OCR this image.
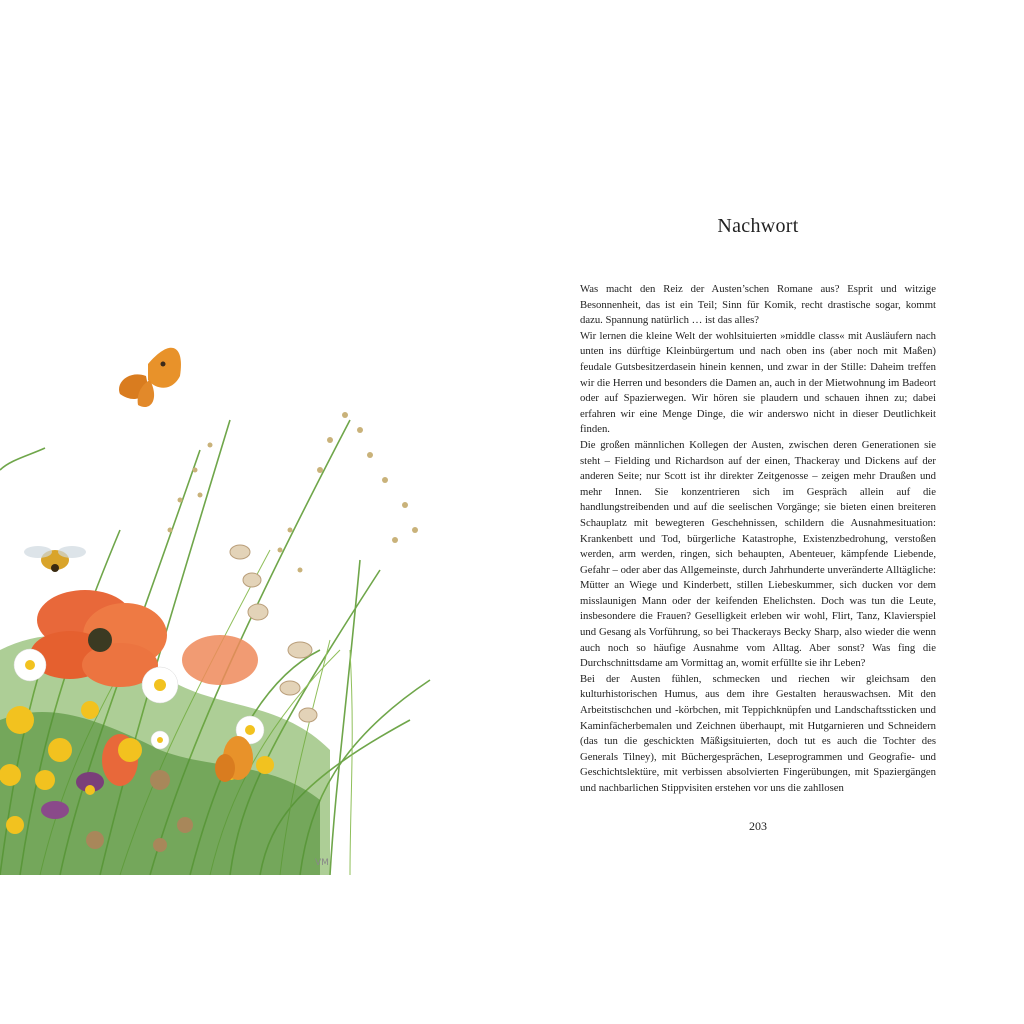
VM
Nachwort

Was macht den Reiz der Austen’schen Romane aus? Esprit und witzige Besonnenheit, das ist ein Teil; Sinn für Komik, recht drastische sogar, kommt dazu. Spannung natürlich … ist das alles?

Wir lernen die kleine Welt der wohlsituierten »middle class« mit Ausläufern nach unten ins dürftige Kleinbürgertum und nach oben ins (aber noch mit Maßen) feudale Gutsbesitzerdasein hinein kennen, und zwar in der Stille: Daheim treffen wir die Herren und besonders die Damen an, auch in der Mietwohnung im Badeort oder auf Spazierwegen. Wir hören sie plaudern und schauen ihnen zu; dabei erfahren wir eine Menge Dinge, die wir anderswo nicht in dieser Deutlichkeit finden.

Die großen männlichen Kollegen der Austen, zwischen deren Generationen sie steht – Fielding und Richardson auf der einen, Thackeray und Dickens auf der anderen Seite; nur Scott ist ihr direkter Zeitgenosse – zeigen mehr Draußen und mehr Innen. Sie konzentrieren sich im Gespräch allein auf die handlungstreibenden und auf die seelischen Vorgänge; sie bieten einen breiteren Schauplatz mit bewegteren Geschehnissen, schildern die Ausnahmesituation: Krankenbett und Tod, bürgerliche Katastrophe, Existenzbedrohung, verstoßen werden, arm werden, ringen, sich behaupten, Abenteuer, kämpfende Liebende, Gefahr – oder aber das Allgemeinste, durch Jahrhunderte unveränderte Alltägliche: Mütter an Wiege und Kinderbett, stillen Liebeskummer, sich ducken vor dem misslaunigen Mann oder der keifenden Ehelichsten. Doch was tun die Leute, insbesondere die Frauen? Geselligkeit erleben wir wohl, Flirt, Tanz, Klavierspiel und Gesang als Vorführung, so bei Thackerays Becky Sharp, also wieder die wenn auch noch so häufige Ausnahme vom Alltag. Aber sonst? Was fing die Durchschnittsdame am Vormittag an, womit erfüllte sie ihr Leben?

Bei der Austen fühlen, schmecken und riechen wir gleichsam den kulturhistorischen Humus, aus dem ihre Gestalten herauswachsen. Mit den Arbeitstischchen und -körbchen, mit Teppichknüpfen und Landschaftssticken und Kaminfächerbemalen und Zeichnen überhaupt, mit Hutgarnieren und Schneidern (das tun die geschickten Mäßigsituierten, doch tut es auch die Tochter des Generals Tilney), mit Büchergesprächen, Leseprogrammen und Geografie- und Geschichtslektüre, mit verbissen absolvierten Fingerübungen, mit Spaziergängen und nachbarlichen Stippvisiten erstehen vor uns die zahllosen

203
